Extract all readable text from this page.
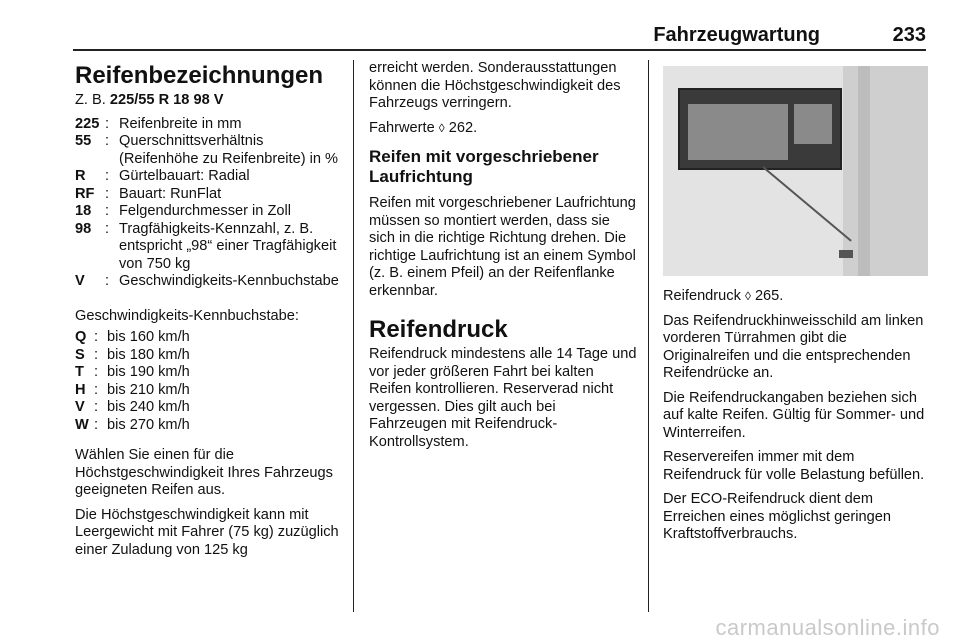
Fahrzeugwartung	233
Reifenbezeichnungen

Z. B. 225/55 R 18 98 V

225	:	Reifenbreite in mm
55	:	Querschnittsverhältnis (Reifenhöhe zu Reifenbreite) in %
R	:	Gürtelbauart: Radial
RF	:	Bauart: RunFlat
18	:	Felgendurchmesser in Zoll
98	:	Tragfähigkeits-Kennzahl, z. B. entspricht „98“ einer Tragfähigkeit von 750 kg
V	:	Geschwindigkeits-Kennbuchstabe

Geschwindigkeits-Kennbuchstabe:

Q	:	bis 160 km/h
S	:	bis 180 km/h
T	:	bis 190 km/h
H	:	bis 210 km/h
V	:	bis 240 km/h
W	:	bis 270 km/h

Wählen Sie einen für die Höchstgeschwindigkeit Ihres Fahrzeugs geeigneten Reifen aus.

Die Höchstgeschwindigkeit kann mit Leergewicht mit Fahrer (75 kg) zuzüglich einer Zuladung von 125 kg

erreicht werden. Sonderausstattungen können die Höchstgeschwindigkeit des Fahrzeugs verringern.

Fahrwerte ◊ 262.

Reifen mit vorgeschriebener Laufrichtung

Reifen mit vorgeschriebener Laufrichtung müssen so montiert werden, dass sie sich in die richtige Richtung drehen. Die richtige Laufrichtung ist an einem Symbol (z. B. einem Pfeil) an der Reifenflanke erkennbar.

Reifendruck

Reifendruck mindestens alle 14 Tage und vor jeder größeren Fahrt bei kalten Reifen kontrollieren. Reserverad nicht vergessen. Dies gilt auch bei Fahrzeugen mit Reifendruck-Kontrollsystem.

Reifendruck ◊ 265.

Das Reifendruckhinweisschild am linken vorderen Türrahmen gibt die Originalreifen und die entsprechenden Reifendrücke an.

Die Reifendruckangaben beziehen sich auf kalte Reifen. Gültig für Sommer- und Winterreifen.

Reservereifen immer mit dem Reifendruck für volle Belastung befüllen.

Der ECO-Reifendruck dient dem Erreichen eines möglichst geringen Kraftstoffverbrauchs.

carmanualsonline.info
